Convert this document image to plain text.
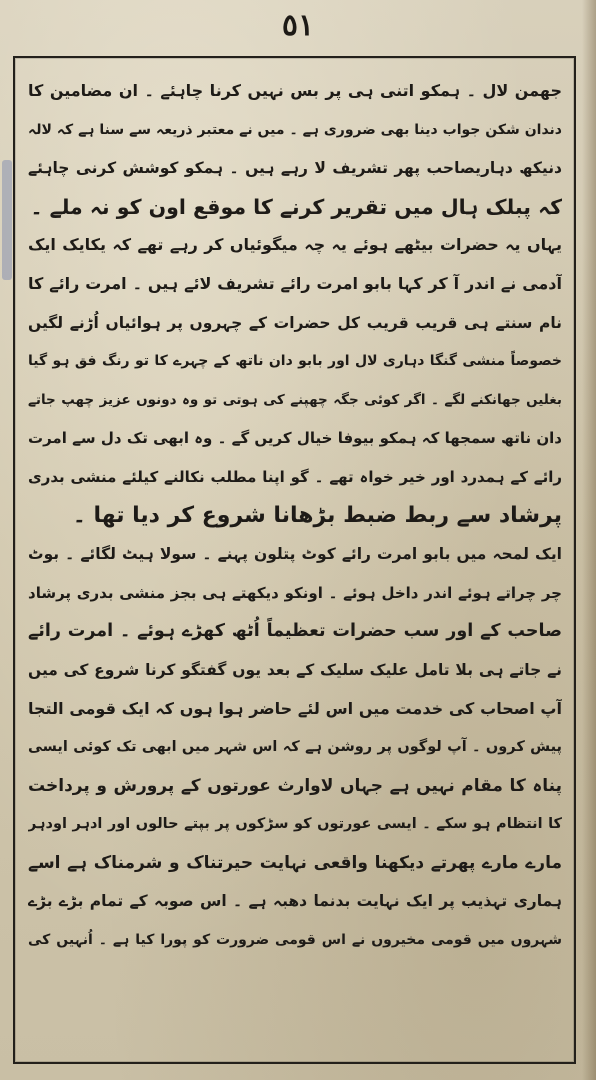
٥١
جھمن لال ۔ ہمکو اتنی ہی پر بس نہیں کرنا چاہئے ۔ ان مضامین کا
دندان شکن جواب دینا بھی ضروری ہے ۔ میں نے معتبر ذریعہ سے سنا ہے کہ لالہ
دنیکھ دہاریصاحب پھر تشریف لا رہے ہیں ۔ ہمکو کوشش کرنی چاہئے
کہ پبلک ہال میں تقریر کرنے کا موقع اون کو نہ ملے ۔
یہاں یہ حضرات بیٹھے ہوئے یہ چہ میگوئیاں کر رہے تھے کہ یکایک ایک
آدمی نے اندر آ کر کہا بابو امرت رائے تشریف لائے ہیں ۔ امرت رائے کا
نام سنتے ہی قریب قریب کل حضرات کے چہروں پر ہوائیاں اُڑنے لگیں
خصوصاً منشی گنگا دہاری لال اور بابو دان ناتھ کے چہرے کا تو رنگ فق ہو گیا
بغلیں جھانکنے لگے ۔ اگر کوئی جگہ چھپنے کی ہوتی تو وہ دونوں عزیز چھپ جاتے
دان ناتھ سمجھا کہ ہمکو بیوفا خیال کریں گے ۔ وہ ابھی تک دل سے امرت
رائے کے ہمدرد اور خیر خواہ تھے ۔ گو اپنا مطلب نکالنے کیلئے منشی بدری
پرشاد سے ربط ضبط بڑھانا شروع کر دیا تھا ۔
ایک لمحہ میں بابو امرت رائے کوٹ پتلون پہنے ۔ سولا ہیٹ لگائے ۔ بوٹ
چر چراتے ہوئے اندر داخل ہوئے ۔ اونکو دیکھتے ہی بجز منشی بدری پرشاد
صاحب کے اور سب حضرات تعظیماً اُٹھ کھڑے ہوئے ۔ امرت رائے
نے جاتے ہی بلا تامل علیک سلیک کے بعد یوں گفتگو کرنا شروع کی میں
آپ اصحاب کی خدمت میں اس لئے حاضر ہوا ہوں کہ ایک قومی التجا
پیش کروں ۔ آپ لوگوں پر روشن ہے کہ اس شہر میں ابھی تک کوئی ایسی
پناہ کا مقام نہیں ہے جہاں لاوارث عورتوں کے پرورش و پرداخت
کا انتظام ہو سکے ۔ ایسی عورتوں کو سڑکوں پر بپتے حالوں اور ادہر اودہر
مارے مارے پھرتے دیکھنا واقعی نہایت حیرتناک و شرمناک ہے اسے
ہماری تہذیب پر ایک نہایت بدنما دھبہ ہے ۔ اس صوبہ کے تمام بڑے بڑے
شہروں میں قومی مخیروں نے اس قومی ضرورت کو پورا کیا ہے ۔ اُنہیں کی
